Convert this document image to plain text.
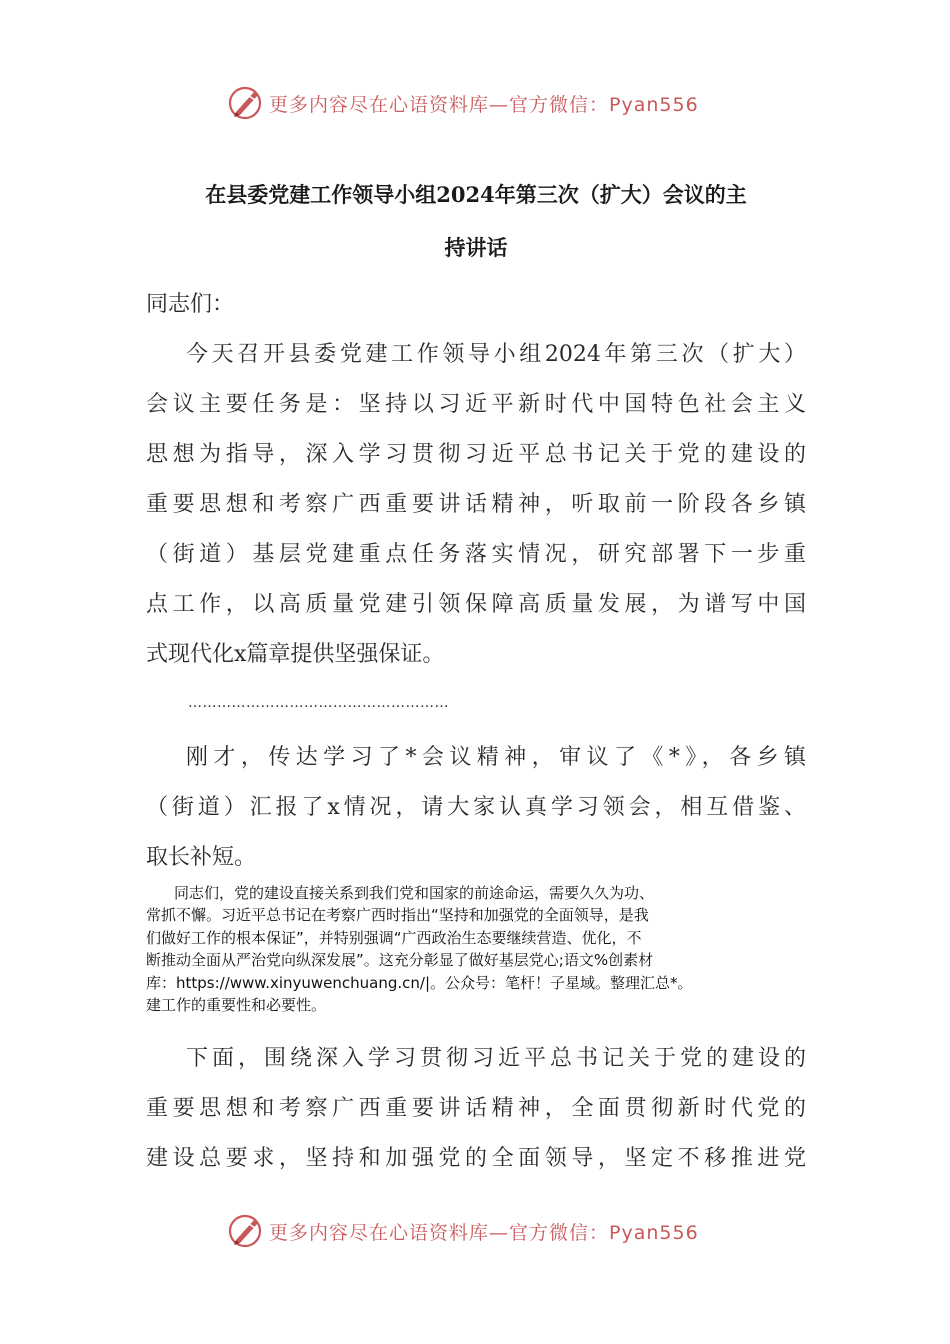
更多内容尽在心语资料库—官方微信：Pyan556
在县委党建工作领导小组2024年第三次（扩大）会议的主
持讲话
同志们：
今天召开县委党建工作领导小组2024年第三次（扩大）
会议主要任务是：坚持以习近平新时代中国特色社会主义
思想为指导，深入学习贯彻习近平总书记关于党的建设的
重要思想和考察广西重要讲话精神，听取前一阶段各乡镇
（街道）基层党建重点任务落实情况，研究部署下一步重
点工作，以高质量党建引领保障高质量发展，为谱写中国
式现代化x篇章提供坚强保证。
………………………………………………
刚才，传达学习了*会议精神，审议了《*》，各乡镇
（街道）汇报了x情况，请大家认真学习领会，相互借鉴、
取长补短。
同志们，党的建设直接关系到我们党和国家的前途命运，需要久久为功、
常抓不懈。习近平总书记在考察广西时指出“坚持和加强党的全面领导，是我
们做好工作的根本保证”，并特别强调“广西政治生态要继续营造、优化，不
断推动全面从严治党向纵深发展”。这充分彰显了做好基层党心;语文%创素材
库：https://www.xinyuwenchuang.cn/|。公众号：笔杆！子星域。整理汇总*。
建工作的重要性和必要性。
下面，围绕深入学习贯彻习近平总书记关于党的建设的
重要思想和考察广西重要讲话精神，全面贯彻新时代党的
建设总要求，坚持和加强党的全面领导，坚定不移推进党
更多内容尽在心语资料库—官方微信：Pyan556
